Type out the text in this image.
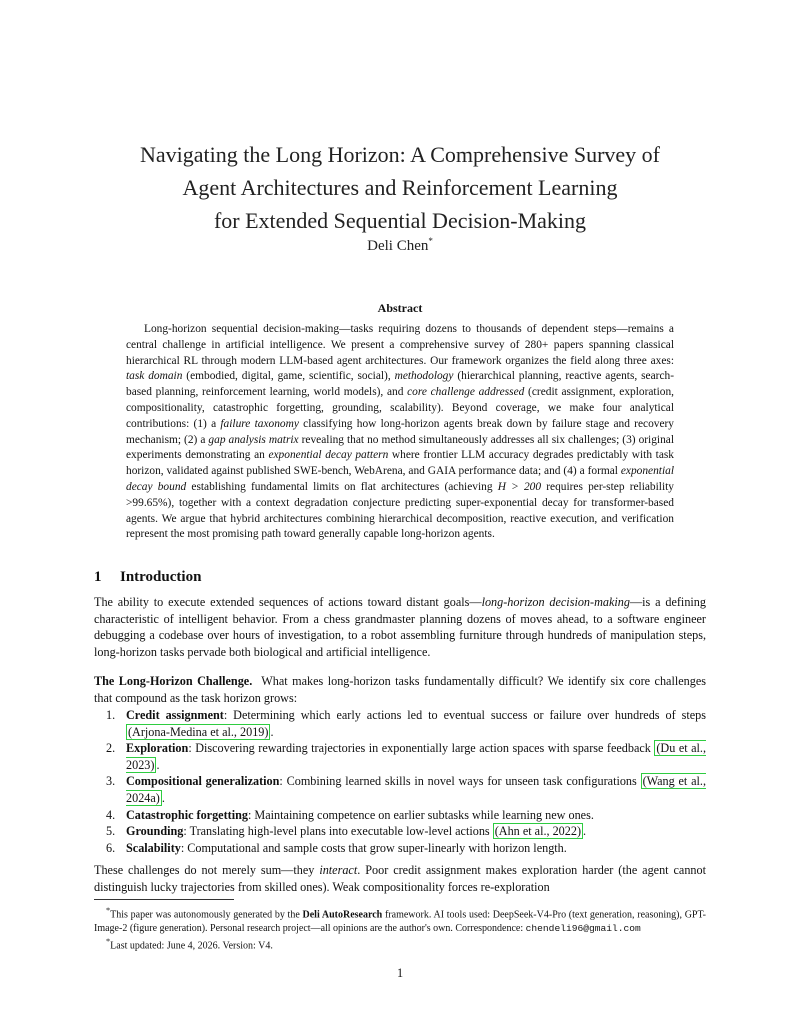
Navigating the Long Horizon: A Comprehensive Survey of
Agent Architectures and Reinforcement Learning
for Extended Sequential Decision-Making
Deli Chen*
Abstract
Long-horizon sequential decision-making—tasks requiring dozens to thousands of dependent steps—remains a central challenge in artificial intelligence. We present a comprehensive survey of 280+ papers spanning classical hierarchical RL through modern LLM-based agent architectures. Our framework organizes the field along three axes: task domain (embodied, digital, game, scientific, social), methodology (hierarchical planning, reactive agents, search-based planning, reinforcement learning, world models), and core challenge addressed (credit assignment, exploration, compositionality, catastrophic forgetting, grounding, scalability). Beyond coverage, we make four analytical contributions: (1) a failure taxonomy classifying how long-horizon agents break down by failure stage and recovery mechanism; (2) a gap analysis matrix revealing that no method simultaneously addresses all six challenges; (3) original experiments demonstrating an exponential decay pattern where frontier LLM accuracy degrades predictably with task horizon, validated against published SWE-bench, WebArena, and GAIA performance data; and (4) a formal exponential decay bound establishing fundamental limits on flat architectures (achieving H > 200 requires per-step reliability >99.65%), together with a context degradation conjecture predicting super-exponential decay for transformer-based agents. We argue that hybrid architectures combining hierarchical decomposition, reactive execution, and verification represent the most promising path toward generally capable long-horizon agents.
1 Introduction
The ability to execute extended sequences of actions toward distant goals—long-horizon decision-making—is a defining characteristic of intelligent behavior. From a chess grandmaster planning dozens of moves ahead, to a software engineer debugging a codebase over hours of investigation, to a robot assembling furniture through hundreds of manipulation steps, long-horizon tasks pervade both biological and artificial intelligence.
The Long-Horizon Challenge. What makes long-horizon tasks fundamentally difficult? We identify six core challenges that compound as the task horizon grows:
1. Credit assignment: Determining which early actions led to eventual success or failure over hundreds of steps (Arjona-Medina et al., 2019) .
2. Exploration: Discovering rewarding trajectories in exponentially large action spaces with sparse feedback (Du et al., 2023) .
3. Compositional generalization: Combining learned skills in novel ways for unseen task configurations (Wang et al., 2024a) .
4. Catastrophic forgetting: Maintaining competence on earlier subtasks while learning new ones.
5. Grounding: Translating high-level plans into executable low-level actions (Ahn et al., 2022) .
6. Scalability: Computational and sample costs that grow super-linearly with horizon length.
These challenges do not merely sum—they interact. Poor credit assignment makes exploration harder (the agent cannot distinguish lucky trajectories from skilled ones). Weak compositionality forces re-exploration

*This paper was autonomously generated by the Deli AutoResearch framework. AI tools used: DeepSeek-V4-Pro (text generation, reasoning), GPT-Image-2 (figure generation). Personal research project—all opinions are the author's own. Correspondence: chendeli96@gmail.com

*Last updated: June 4, 2026. Version: V4.

1
